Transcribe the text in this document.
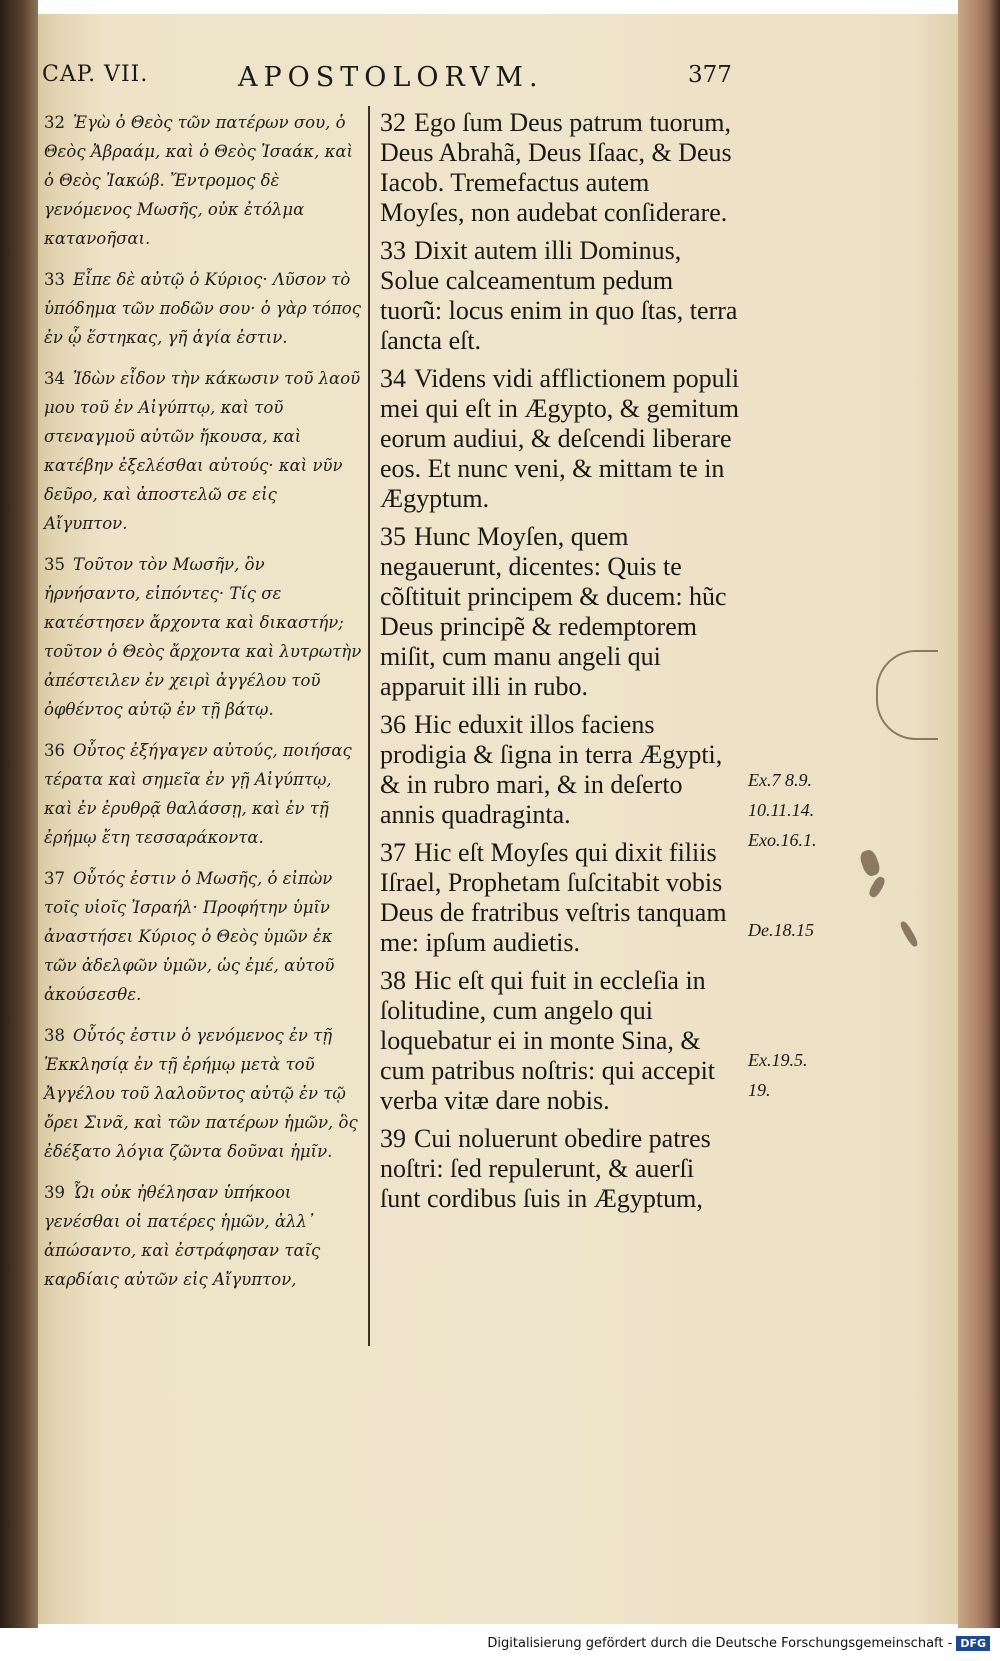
CAP. VII.	APOSTOLORVM.	377

32 Ἐγὼ ὁ Θεὸς τῶν πατέρων σου, ὁ Θεὸς Ἀβραάμ, καὶ ὁ Θεὸς Ἰσαάκ, καὶ ὁ Θεὸς Ἰακώβ. Ἔντρομος δὲ γενόμενος Μωσῆς, οὐκ ἐτόλμα κατανοῆσαι.

33 Εἶπε δὲ αὐτῷ ὁ Κύριος· Λῦσον τὸ ὑπόδημα τῶν ποδῶν σου· ὁ γὰρ τόπος ἐν ᾧ ἕστηκας, γῆ ἁγία ἐστιν.

34 Ἰδὼν εἶδον τὴν κάκωσιν τοῦ λαοῦ μου τοῦ ἐν Αἰγύπτῳ, καὶ τοῦ στεναγμοῦ αὐτῶν ἤκουσα, καὶ κατέβην ἐξελέσθαι αὐτούς· καὶ νῦν δεῦρο, καὶ ἀποστελῶ σε εἰς Αἴγυπτον.

35 Τοῦτον τὸν Μωσῆν, ὃν ἠρνήσαντο, εἰπόντες· Τίς σε κατέστησεν ἄρχοντα καὶ δικαστήν; τοῦτον ὁ Θεὸς ἄρχοντα καὶ λυτρωτὴν ἀπέστειλεν ἐν χειρὶ ἀγγέλου τοῦ ὀφθέντος αὐτῷ ἐν τῇ βάτῳ.

36 Οὗτος ἐξήγαγεν αὐτούς, ποιήσας τέρατα καὶ σημεῖα ἐν γῇ Αἰγύπτῳ, καὶ ἐν ἐρυθρᾷ θαλάσσῃ, καὶ ἐν τῇ ἐρήμῳ ἔτη τεσσαράκοντα.

37 Οὗτός ἐστιν ὁ Μωσῆς, ὁ εἰπὼν τοῖς υἱοῖς Ἰσραήλ· Προφήτην ὑμῖν ἀναστήσει Κύριος ὁ Θεὸς ὑμῶν ἐκ τῶν ἀδελφῶν ὑμῶν, ὡς ἐμέ, αὐτοῦ ἀκούσεσθε.

38 Οὗτός ἐστιν ὁ γενόμενος ἐν τῇ Ἐκκλησίᾳ ἐν τῇ ἐρήμῳ μετὰ τοῦ Ἀγγέλου τοῦ λαλοῦντος αὐτῷ ἐν τῷ ὄρει Σινᾶ, καὶ τῶν πατέρων ἡμῶν, ὃς ἐδέξατο λόγια ζῶντα δοῦναι ἡμῖν.

39 Ὧι οὐκ ἠθέλησαν ὑπήκοοι γενέσθαι οἱ πατέρες ἡμῶν, ἀλλ᾽ ἀπώσαντο, καὶ ἐστράφησαν ταῖς καρδίαις αὐτῶν εἰς Αἴγυπτον,

32 Ego ſum Deus patrum tuorum, Deus Abrahã, Deus Iſaac, & Deus Iacob. Tremefactus autem Moyſes, non audebat conſiderare.

33 Dixit autem illi Dominus, Solue calceamentum pedum tuorũ: locus enim in quo ſtas, terra ſancta eſt.

34 Videns vidi afflictionem populi mei qui eſt in Ægypto, & gemitum eorum audiui, & deſcendi liberare eos. Et nunc veni, & mittam te in Ægyptum.

35 Hunc Moyſen, quem negauerunt, dicentes: Quis te cõſtituit principem & ducem: hũc Deus principẽ & redemptorem miſit, cum manu angeli qui apparuit illi in rubo.

36 Hic eduxit illos faciens prodigia & ſigna in terra Ægypti, & in rubro mari, & in deſerto annis quadraginta.

37 Hic eſt Moyſes qui dixit filiis Iſrael, Prophetam ſuſcitabit vobis Deus de fratribus veſtris tanquam me: ipſum audietis.

38 Hic eſt qui fuit in eccleſia in ſolitudine, cum angelo qui loquebatur ei in monte Sina, & cum patribus noſtris: qui accepit verba vitæ dare nobis.

39 Cui noluerunt obedire patres noſtri: ſed repulerunt, & auerſi ſunt cordibus ſuis in Ægyptum,

Ex.7 8.9.
10.11.14.
Exo.16.1.
De.18.15
Ex.19.5.
19.
Digitalisierung gefördert durch die Deutsche Forschungsgemeinschaft - DFG
